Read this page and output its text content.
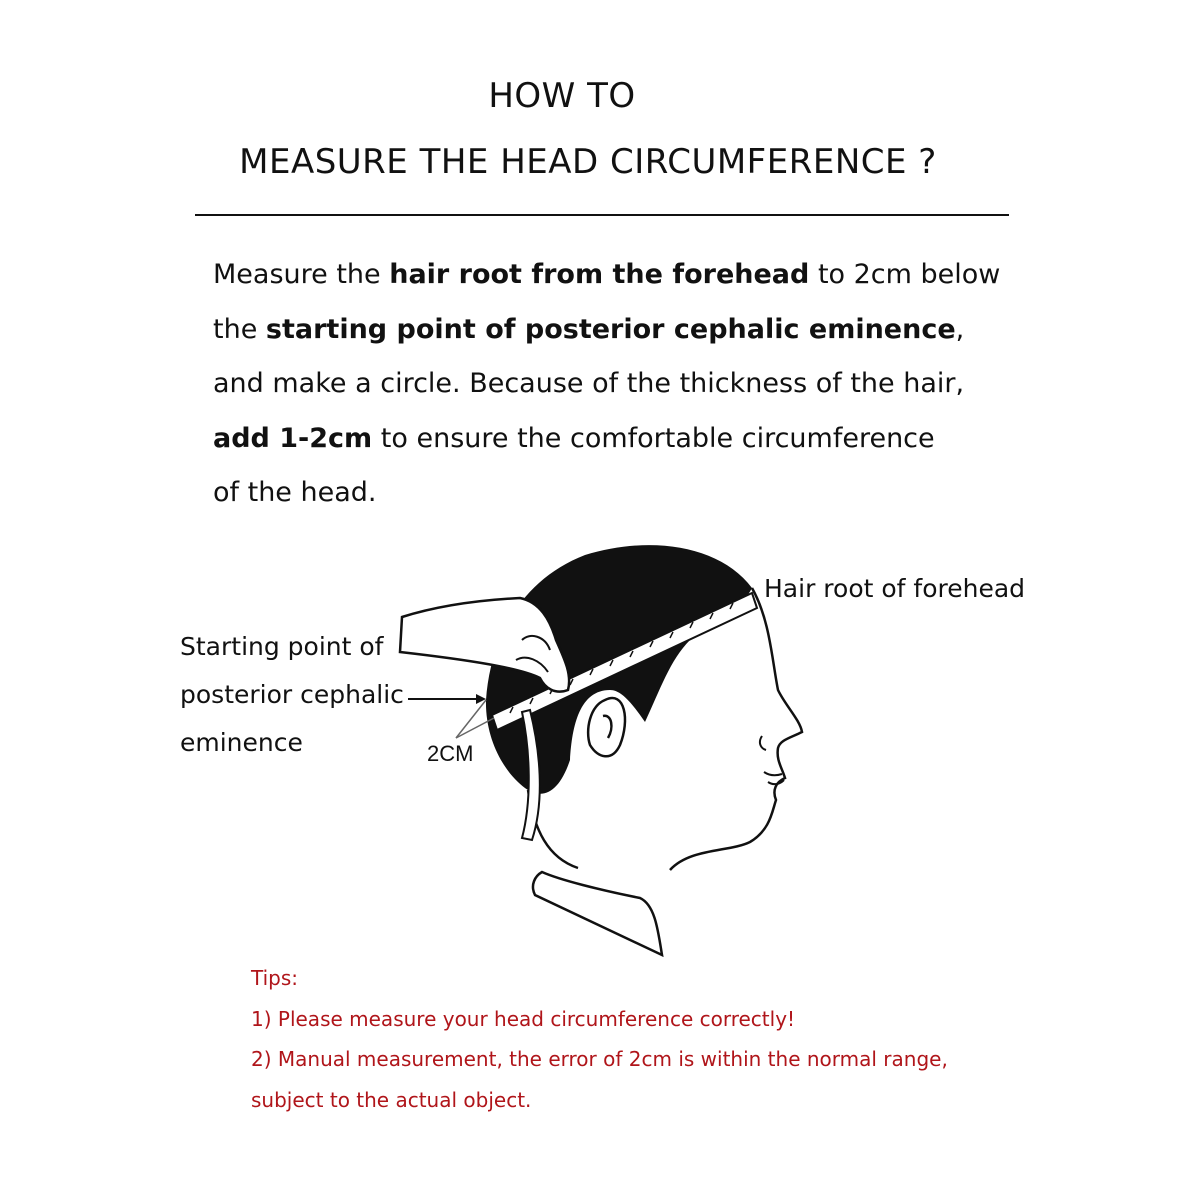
HOW TO
MEASURE THE HEAD CIRCUMFERENCE ?
Measure the hair root from the forehead to 2cm below
the starting point of posterior cephalic eminence,
and make a circle. Because of the thickness of the hair,
add 1-2cm to ensure the comfortable circumference
of the head.
Hair root of forehead
Starting point of
posterior cephalic
eminence	2CM
Tips:
1) Please measure your head circumference correctly!
2) Manual measurement, the error of 2cm is within the normal range,
subject to the actual object.
